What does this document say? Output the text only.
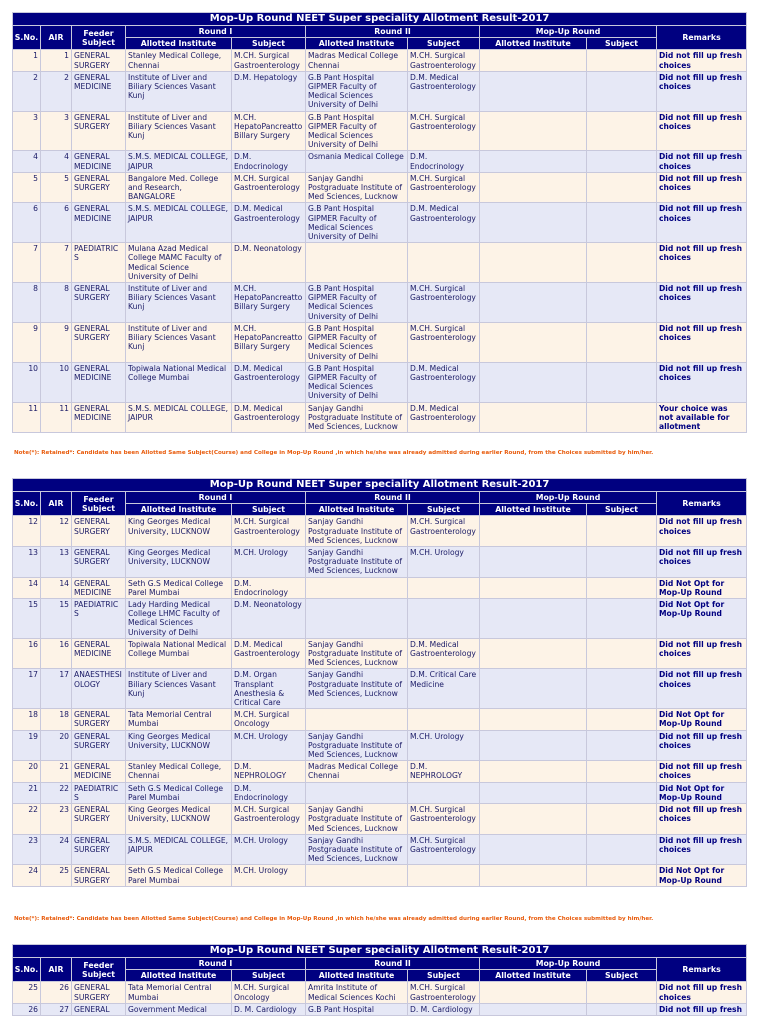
Mop-Up Round NEET Super speciality Allotment Result-2017									
S.No.	AIR	Feeder Subject	Round I		Round II		Mop-Up Round		Remarks
			Allotted Institute	Subject	Allotted Institute	Subject	Allotted Institute	Subject	
1	1	GENERAL SURGERY	Stanley Medical College, Chennai	M.CH. Surgical Gastroenterology	Madras Medical College Chennai	M.CH. Surgical Gastroenterology			Did not fill up fresh choices
2	2	GENERAL MEDICINE	Institute of Liver and Biliary Sciences Vasant Kunj	D.M. Hepatology	G.B Pant Hospital GIPMER Faculty of Medical Sciences University of Delhi	D.M. Medical Gastroenterology			Did not fill up fresh choices
3	3	GENERAL SURGERY	Institute of Liver and Biliary Sciences Vasant Kunj	M.CH. HepatoPancreatto Billary Surgery	G.B Pant Hospital GIPMER Faculty of Medical Sciences University of Delhi	M.CH. Surgical Gastroenterology			Did not fill up fresh choices
4	4	GENERAL MEDICINE	S.M.S. MEDICAL COLLEGE, JAIPUR	D.M. Endocrinology	Osmania Medical College	D.M. Endocrinology			Did not fill up fresh choices
5	5	GENERAL SURGERY	Bangalore Med. College and Research, BANGALORE	M.CH. Surgical Gastroenterology	Sanjay Gandhi Postgraduate Institute of Med Sciences, Lucknow	M.CH. Surgical Gastroenterology			Did not fill up fresh choices
6	6	GENERAL MEDICINE	S.M.S. MEDICAL COLLEGE, JAIPUR	D.M. Medical Gastroenterology	G.B Pant Hospital GIPMER Faculty of Medical Sciences University of Delhi	D.M. Medical Gastroenterology			Did not fill up fresh choices
7	7	PAEDIATRIC S	Mulana Azad Medical College MAMC Faculty of Medical Science University of Delhi	D.M. Neonatology					Did not fill up fresh choices
8	8	GENERAL SURGERY	Institute of Liver and Biliary Sciences Vasant Kunj	M.CH. HepatoPancreatto Billary Surgery	G.B Pant Hospital GIPMER Faculty of Medical Sciences University of Delhi	M.CH. Surgical Gastroenterology			Did not fill up fresh choices
9	9	GENERAL SURGERY	Institute of Liver and Biliary Sciences Vasant Kunj	M.CH. HepatoPancreatto Billary Surgery	G.B Pant Hospital GIPMER Faculty of Medical Sciences University of Delhi	M.CH. Surgical Gastroenterology			Did not fill up fresh choices
10	10	GENERAL MEDICINE	Topiwala National Medical College Mumbai	D.M. Medical Gastroenterology	G.B Pant Hospital GIPMER Faculty of Medical Sciences University of Delhi	D.M. Medical Gastroenterology			Did not fill up fresh choices
11	11	GENERAL MEDICINE	S.M.S. MEDICAL COLLEGE, JAIPUR	D.M. Medical Gastroenterology	Sanjay Gandhi Postgraduate Institute of Med Sciences, Lucknow	D.M. Medical Gastroenterology			Your choice was not available for allotment
Note(*): Retained*: Candidate has been Allotted Same Subject(Course) and College in Mop-Up Round ,in which he/she was already admitted during earlier Round, from the Choices submitted by him/her.
Mop-Up Round NEET Super speciality Allotment Result-2017									
S.No.	AIR	Feeder Subject	Round I		Round II		Mop-Up Round		Remarks
			Allotted Institute	Subject	Allotted Institute	Subject	Allotted Institute	Subject	
12	12	GENERAL SURGERY	King Georges Medical University, LUCKNOW	M.CH. Surgical Gastroenterology	Sanjay Gandhi Postgraduate Institute of Med Sciences, Lucknow	M.CH. Surgical Gastroenterology			Did not fill up fresh choices
13	13	GENERAL SURGERY	King Georges Medical University, LUCKNOW	M.CH. Urology	Sanjay Gandhi Postgraduate Institute of Med Sciences, Lucknow	M.CH. Urology			Did not fill up fresh choices
14	14	GENERAL MEDICINE	Seth G.S Medical College Parel Mumbai	D.M. Endocrinology					Did Not Opt for Mop-Up Round
15	15	PAEDIATRIC S	Lady Harding Medical College LHMC Faculty of Medical Sciences University of Delhi	D.M. Neonatology					Did Not Opt for Mop-Up Round
16	16	GENERAL MEDICINE	Topiwala National Medical College Mumbai	D.M. Medical Gastroenterology	Sanjay Gandhi Postgraduate Institute of Med Sciences, Lucknow	D.M. Medical Gastroenterology			Did not fill up fresh choices
17	17	ANAESTHESI OLOGY	Institute of Liver and Biliary Sciences Vasant Kunj	D.M. Organ Transplant Anesthesia & Critical Care	Sanjay Gandhi Postgraduate Institute of Med Sciences, Lucknow	D.M. Critical Care Medicine			Did not fill up fresh choices
18	18	GENERAL SURGERY	Tata Memorial Central Mumbai	M.CH. Surgical Oncology					Did Not Opt for Mop-Up Round
19	20	GENERAL SURGERY	King Georges Medical University, LUCKNOW	M.CH. Urology	Sanjay Gandhi Postgraduate Institute of Med Sciences, Lucknow	M.CH. Urology			Did not fill up fresh choices
20	21	GENERAL MEDICINE	Stanley Medical College, Chennai	D.M. NEPHROLOGY	Madras Medical College Chennai	D.M. NEPHROLOGY			Did not fill up fresh choices
21	22	PAEDIATRIC S	Seth G.S Medical College Parel Mumbai	D.M. Endocrinology					Did Not Opt for Mop-Up Round
22	23	GENERAL SURGERY	King Georges Medical University, LUCKNOW	M.CH. Surgical Gastroenterology	Sanjay Gandhi Postgraduate Institute of Med Sciences, Lucknow	M.CH. Surgical Gastroenterology			Did not fill up fresh choices
23	24	GENERAL SURGERY	S.M.S. MEDICAL COLLEGE, JAIPUR	M.CH. Urology	Sanjay Gandhi Postgraduate Institute of Med Sciences, Lucknow	M.CH. Surgical Gastroenterology			Did not fill up fresh choices
24	25	GENERAL SURGERY	Seth G.S Medical College Parel Mumbai	M.CH. Urology					Did Not Opt for Mop-Up Round
Note(*): Retained*: Candidate has been Allotted Same Subject(Course) and College in Mop-Up Round ,in which he/she was already admitted during earlier Round, from the Choices submitted by him/her.
Mop-Up Round NEET Super speciality Allotment Result-2017									
S.No.	AIR	Feeder Subject	Round I		Round II		Mop-Up Round		Remarks
			Allotted Institute	Subject	Allotted Institute	Subject	Allotted Institute	Subject	
25	26	GENERAL SURGERY	Tata Memorial Central Mumbai	M.CH. Surgical Oncology	Amrita Institute of Medical Sciences Kochi	M.CH. Surgical Gastroenterology			Did not fill up fresh choices
26	27	GENERAL	Government Medical	D. M. Cardiology	G.B Pant Hospital	D. M. Cardiology			Did not fill up fresh
